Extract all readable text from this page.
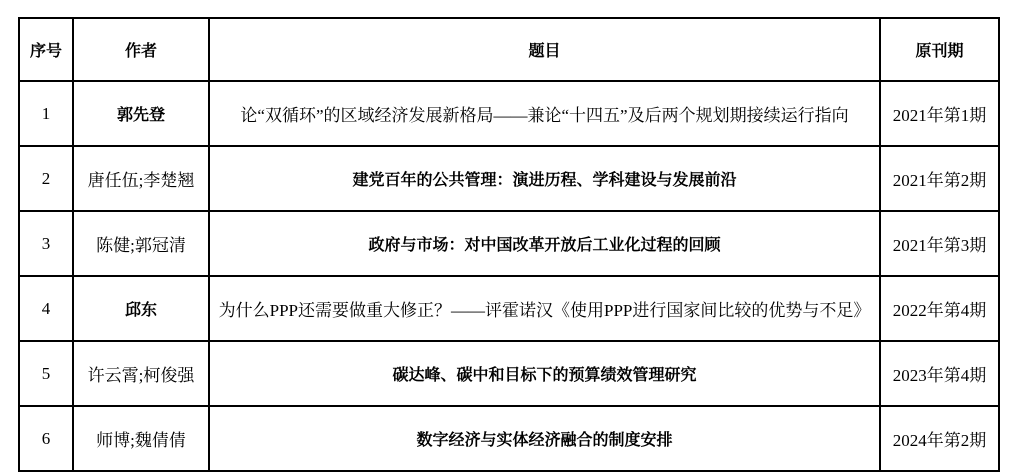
序号	作者	题目	原刊期
1	郭先登	论“双循环”的区域经济发展新格局——兼论“十四五”及后两个规划期接续运行指向	2021年第1期
2	唐任伍;李楚翘	建党百年的公共管理：演进历程、学科建设与发展前沿	2021年第2期
3	陈健;郭冠清	政府与市场：对中国改革开放后工业化过程的回顾	2021年第3期
4	邱东	为什么PPP还需要做重大修正？——评霍诺汉《使用PPP进行国家间比较的优势与不足》	2022年第4期
5	许云霄;柯俊强	碳达峰、碳中和目标下的预算绩效管理研究	2023年第4期
6	师博;魏倩倩	数字经济与实体经济融合的制度安排	2024年第2期
